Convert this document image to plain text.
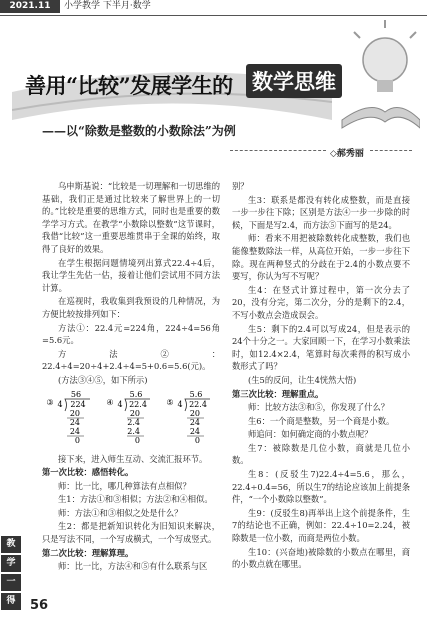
2021.11	小学教学 下半月·数学
善用“比较”发展学生的 数学思维
——以“除数是整数的小数除法”为例
◇郝秀丽

乌申斯基说：“比较是一切理解和一切思维的基础，我们正是通过比较来了解世界上的一切的。”比较是重要的思维方式，同时也是重要的数学学习方式。在教学“小数除以整数”这节课时，我借“比较”这一重要思维贯串于全课的始终，取得了良好的效果。

在学生根据问题情境列出算式22.4÷4后，我让学生先估一估，接着让他们尝试用不同方法计算。

在巡视时，我收集到我预设的几种情况，为方便比较按排列如下：

方法①：22.4元=224角，224÷4=56角=5.6元。

方法②：22.4÷4=20÷4+2.4÷4=5+0.6=5.6(元)。

(方法③④⑤，如下所示)

③
56
4 224
20
24
24
0
④
5.6
4 22.4
20
2.4
2.4
0
⑤
5.6
4 22.4
20
24
24
0

接下来，进入师生互动、交流汇报环节。

第一次比较：感悟转化。

师：比一比，哪几种算法有点相似？

生1：方法①和③相似；方法②和④相似。

师：方法①和③相似之处是什么？

生2：都是把新知识转化为旧知识来解决，只是写法不同，一个写成横式，一个写成竖式。

第二次比较：理解算理。

师：比一比，方法④和⑤有什么联系与区

别？

生3：联系是都没有转化成整数，而是直接一步一步往下除；区别是方法④一步一步除的时候，下面是写2.4，而方法⑤下面写的是24。

师：看来不用把被除数转化成整数，我们也能像整数除法一样，从高位开始，一步一步往下除。现在两种竖式的分歧在于2.4的小数点要不要写，你认为写不写呢？

生4：在竖式计算过程中，第一次分去了20，没有分完，第二次分，分的是剩下的2.4，不写小数点会造成误会。

生5：剩下的2.4可以写成24，但是表示的24个十分之一。大家回顾一下，在学习小数乘法时，如12.4×2.4，笔算时每次乘得的积写成小数形式了吗？

(生5的反问，让生4恍然大悟)

第三次比较：理解重点。

师：比较方法③和⑤，你发现了什么？

生6：一个商是整数，另一个商是小数。

师追问：如何确定商的小数点呢？

生7：被除数是几位小数，商就是几位小数。

生8：(反驳生7)22.4÷4=5.6，那么，22.4÷0.4=56，所以生7的结论应该加上前提条件，“一个小数除以整数”。

生9：(反驳生8)再举出上这个前提条件，生7的结论也不正确，例如：22.4÷10=2.24，被除数是一位小数，而商是两位小数。

生10：(兴奋地)被除数的小数点在哪里，商的小数点就在哪里。

教
学
一
得	56
